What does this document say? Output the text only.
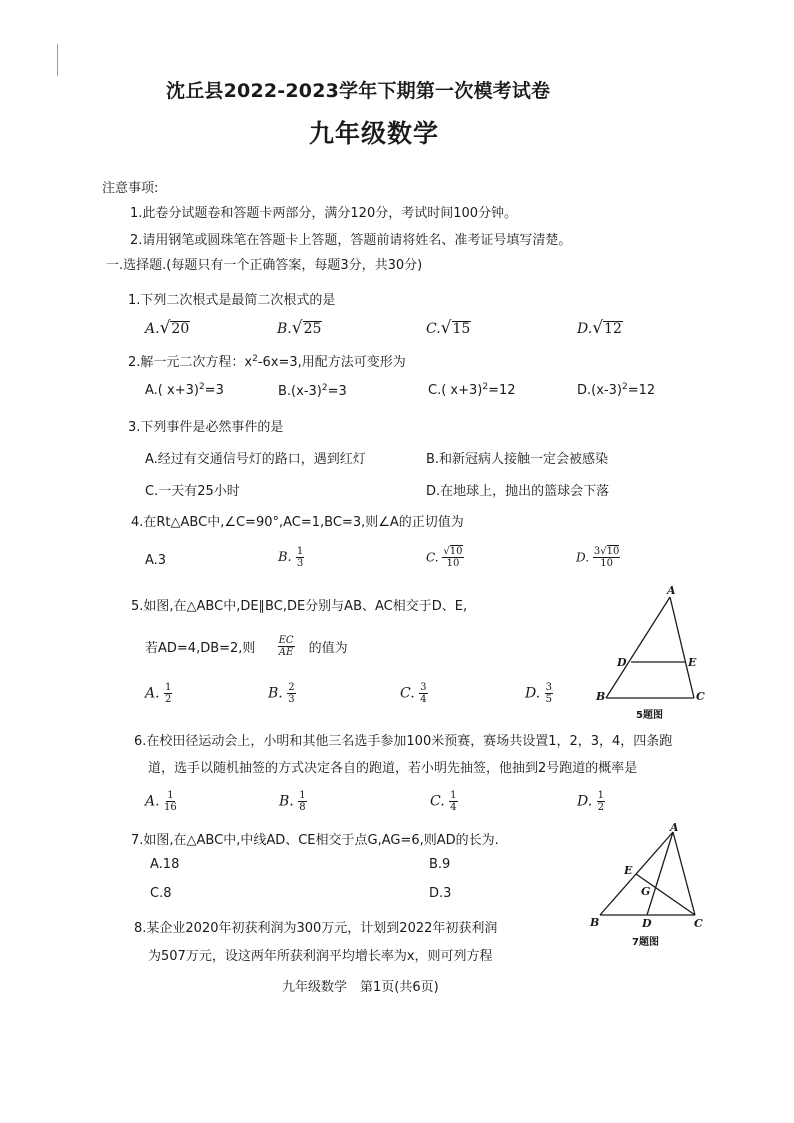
沈丘县2022-2023学年下期第一次模考试卷
九年级数学
注意事项:
1.此卷分试题卷和答题卡两部分，满分120分，考试时间100分钟。
2.请用钢笔或圆珠笔在答题卡上答题，答题前请将姓名、准考证号填写清楚。
一.选择题.(每题只有一个正确答案，每题3分，共30分)
1.下列二次根式是最简二次根式的是
A. √ 20	B. √ 25	C. √ 15	D. √ 12
2.解一元二次方程：$x^2-6x=3$,用配方法可变形为
A.( x+3)$^2$=3	$B.(x-3)^2=3$	C.( x+3)$^2$=12	$D.(x-3)^2=12$
3.下列事件是必然事件的是
A.经过有交通信号灯的路口，遇到红灯	B.和新冠病人接触一定会被感染
C.一天有25小时	D.在地球上，抛出的篮球会下落
4.在Rt△ABC中,∠C=90°,AC=1,BC=3,则∠A的正切值为
A.3	B. $\frac{1}{3}$	C. $\frac{√10}{10}$	D. $\frac{3√10}{10}$
5.如图,在△ABC中,DE∥BC,DE分别与AB、AC相交于D、E,
若AD=4,DB=2,则 $\frac{EC}{AE}$ 的值为
A. $\frac{1}{2}$	B. $\frac{2}{3}$	C. $\frac{3}{4}$	D. $\frac{3}{5}$
A
B	C
D	E
5题图
6.在校田径运动会上，小明和其他三名选手参加100米预赛，赛场共设置1，2，3，4，四条跑
道，选手以随机抽签的方式决定各自的跑道，若小明先抽签，他抽到2号跑道的概率是
A. $\frac{1}{16}$	B. $\frac{1}{8}$	C. $\frac{1}{4}$	D. $\frac{1}{2}$
7.如图,在△ABC中,中线AD、CE相交于点G,AG=6,则AD的长为.
A.18	B.9
C.8	D.3
A
B	C
D
E
G
7题图
8.某企业2020年初获利润为300万元，计划到2022年初获利润
为507万元，设这两年所获利润平均增长率为x，则可列方程
九年级数学　第1页(共6页)
